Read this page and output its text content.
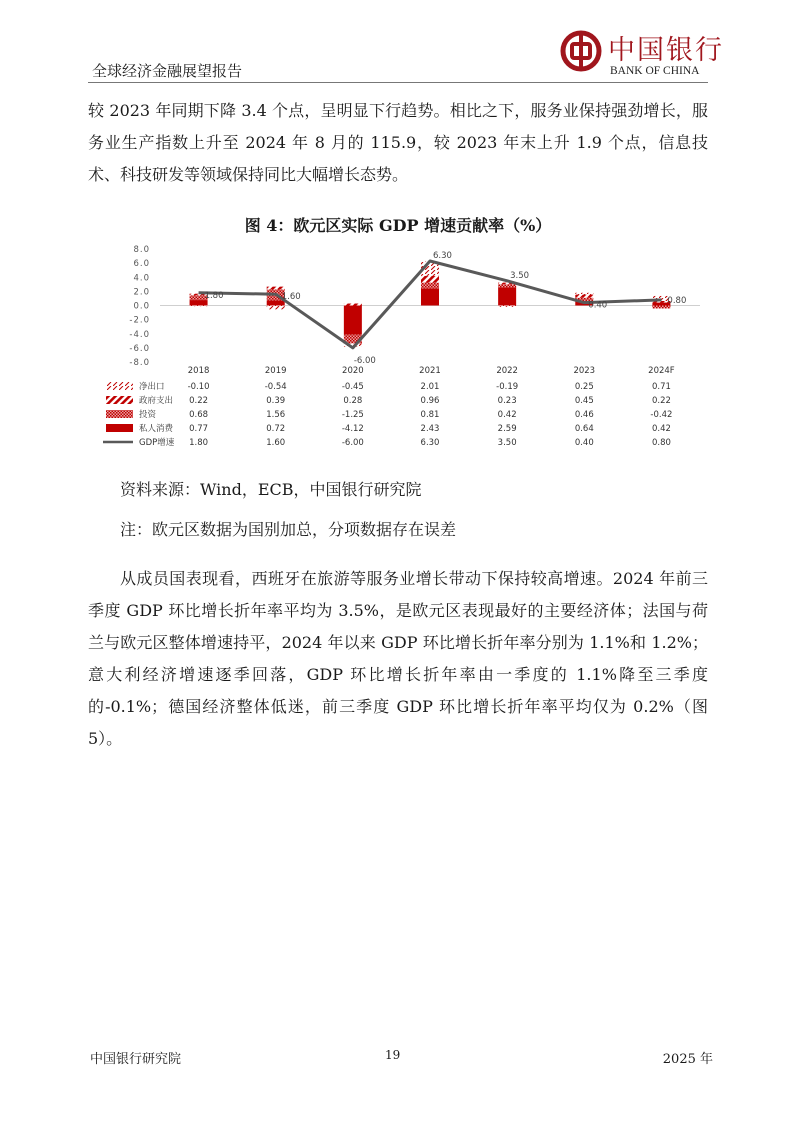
全球经济金融展望报告
中国银行
BANK OF CHINA
较 2023 年同期下降 3.4 个点，呈明显下行趋势。相比之下，服务业保持强劲增长，服务业生产指数上升至 2024 年 8 月的 115.9，较 2023 年末上升 1.9 个点，信息技术、科技研发等领域保持同比大幅增长态势。
图 4：欧元区实际 GDP 增速贡献率（%）
8.0
6.0
4.0
2.0
0.0
-2.0
-4.0
-6.0
-8.0
1.80	1.60
-6.00
6.30
3.50
0.40	0.80
2018	2019	2020	2021	2022	2023	2024F
净出口	-0.10	-0.54	-0.45	2.01	-0.19	0.25	0.71
政府支出 0.22	0.39	0.28	0.96	0.23	0.45	0.22
投资	0.68	1.56	-1.25	0.81	0.42	0.46	-0.42
私人消费 0.77	0.72	-4.12	2.43	2.59	0.64	0.42
GDP增速 1.80	1.60	-6.00	6.30	3.50	0.40	0.80
资料来源：Wind，ECB，中国银行研究院
注：欧元区数据为国别加总，分项数据存在误差
从成员国表现看，西班牙在旅游等服务业增长带动下保持较高增速。2024 年前三季度 GDP 环比增长折年率平均为 3.5%，是欧元区表现最好的主要经济体；法国与荷兰与欧元区整体增速持平，2024 年以来 GDP 环比增长折年率分别为 1.1%和 1.2%；意大利经济增速逐季回落，GDP 环比增长折年率由一季度的 1.1%降至三季度的-0.1%；德国经济整体低迷，前三季度 GDP 环比增长折年率平均仅为 0.2%（图 5）。
中国银行研究院	19	2025 年
